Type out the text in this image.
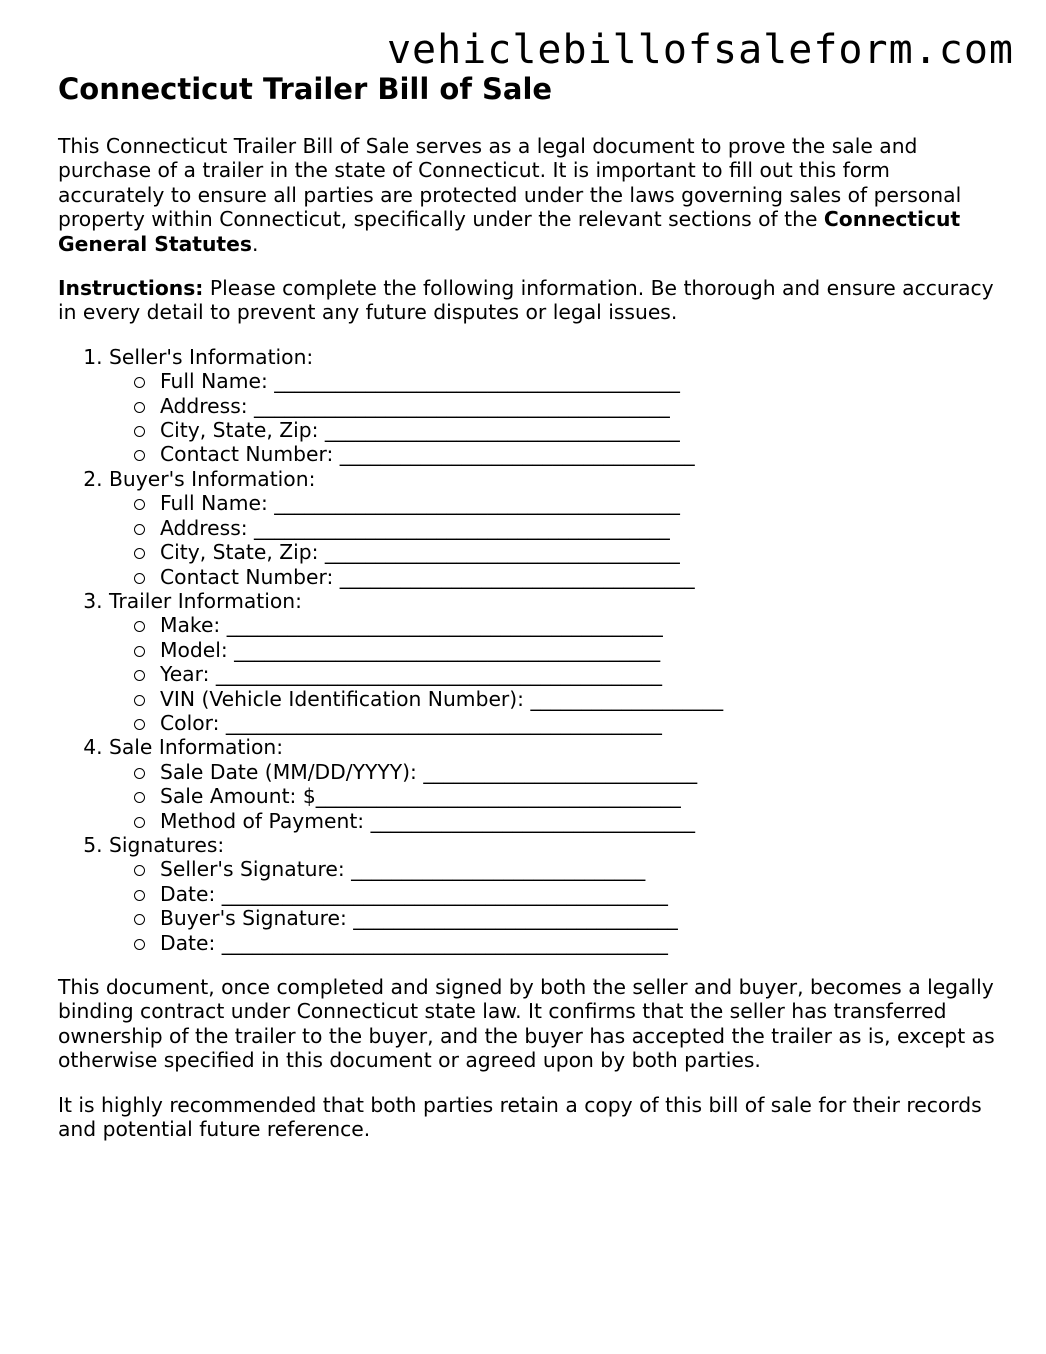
vehiclebillofsaleform.com
Connecticut Trailer Bill of Sale

This Connecticut Trailer Bill of Sale serves as a legal document to prove the sale and purchase of a trailer in the state of Connecticut. It is important to fill out this form accurately to ensure all parties are protected under the laws governing sales of personal property within Connecticut, specifically under the relevant sections of the Connecticut General Statutes.

Instructions: Please complete the following information. Be thorough and ensure accuracy in every detail to prevent any future disputes or legal issues.

1. Seller's Information:
Full Name: ________________________________________
Address: _________________________________________
City, State, Zip: ___________________________________
Contact Number: ___________________________________
2. Buyer's Information:
Full Name: ________________________________________
Address: _________________________________________
City, State, Zip: ___________________________________
Contact Number: ___________________________________
3. Trailer Information:
Make: ___________________________________________
Model: __________________________________________
Year: ____________________________________________
VIN (Vehicle Identification Number): ___________________
Color: ___________________________________________
4. Sale Information:
Sale Date (MM/DD/YYYY): ___________________________
Sale Amount: $____________________________________
Method of Payment: ________________________________
5. Signatures:
Seller's Signature: _____________________________
Date: ____________________________________________
Buyer's Signature: ________________________________
Date: ____________________________________________

This document, once completed and signed by both the seller and buyer, becomes a legally binding contract under Connecticut state law. It confirms that the seller has transferred ownership of the trailer to the buyer, and the buyer has accepted the trailer as is, except as otherwise specified in this document or agreed upon by both parties.

It is highly recommended that both parties retain a copy of this bill of sale for their records and potential future reference.
